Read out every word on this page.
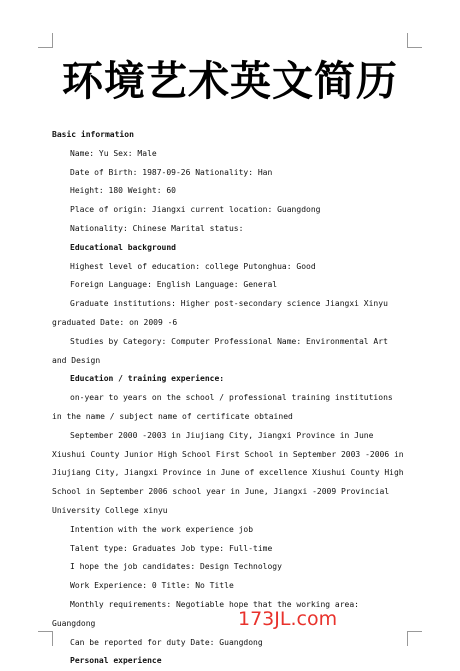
环境艺术英文简历

Basic information

Name: Yu Sex: Male

Date of Birth: 1987-09-26 Nationality: Han

Height: 180 Weight: 60

Place of origin: Jiangxi current location: Guangdong

Nationality: Chinese Marital status:

Educational background

Highest level of education: college Putonghua: Good

Foreign Language: English Language: General

Graduate institutions: Higher post-secondary science Jiangxi Xinyu graduated Date: on 2009 -6

Studies by Category: Computer Professional Name: Environmental Art and Design

Education / training experience:

on-year to years on the school / professional training institutions in the name / subject name of certificate obtained

September 2000 -2003 in Jiujiang City, Jiangxi Province in June Xiushui County Junior High School First School in September 2003 -2006 in Jiujiang City, Jiangxi Province in June of excellence Xiushui County High School in September 2006 school year in June, Jiangxi -2009 Provincial University College xinyu

Intention with the work experience job

Talent type: Graduates Job type: Full-time

I hope the job candidates: Design Technology

Work Experience: 0 Title: No Title

Monthly requirements: Negotiable hope that the working area: Guangdong

Can be reported for duty Date: Guangdong

Personal experience

173JL.com
